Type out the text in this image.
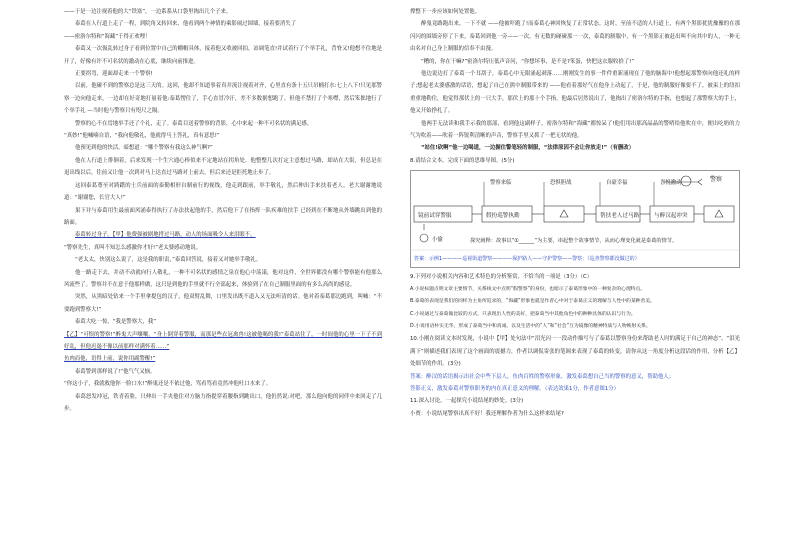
——于是一边注视着他的大“铁塞”，一边系系从口袋里掏出几个子来。

泰葛在人行道上走了一程，到院角又转回来，他看到两个神情的乘影闹过围墙，接着要消失了

——密洛尔特和“海藏”千得正欢哩！

泰葛又一次伋乱转过身子看到位置中自己的棚帽具体，接着他又收被回拍，站调笔直!并试着行了个举手礼，背脊又!他想不住地是开了，好像有许不可名状的激动在心底，继续向前推进。

正要拐弯，迎面却走来一个警察!

以前，他碰不到的警察总是这三天的。这回，他却不知道事着真并流注视着对齐，心里直有条十五只吊桶打水:七上八下!只见那警察一边向他走来，一边却在好奇地打量着他:泰葛愣住了，手心直冒冷汗，差不多数据想跑了。但他不禁打了个寒噤，然后笨拙地行了个举手礼 —当时他与警察只有咫尺之隔。

警察的心不在焉地举手还了个礼，走了。泰葛目送着警察的背影，心中来起一种不可名状的满足感。

“真妙!”他喊喃自语，“我向他敬礼，他就得马上答礼，真有意思!”

他预见到他的快活，暗想道：“哪个警察有我这么神气啊?”

他在人行道上徘徊着，后来发现一个生穴通心棒似来不定地站在拐角处。他整整几次打定主意想过马路，却站在大街，但总是在退出线以后，往前又让他一次到对马上达直过马路对上前去，但后来还是拒托地止步了。

这回泰葛尊至对踌躇的士兵前面的泰勤相形自制前行的视线，他走到跟前，举手敬礼，然后伸出手来扶着老人，老大谢谢地说道：“谢谢您，长官大人!”

果下并与泰葛用生最前面风涌泰得执行了办法扶起他的手，然后他下了在指挥一队疾难的扶手 已经到在不断地从外墙跳出到他的路面。

泰葛转过身子。【甲】他费强被剧地捋过马路，动人的场面吸令人来泪眼不。

“警察先生，真叫不知怎么感激你才好!”老太婆感动地说。

“老太太，快别这么说了，这是我的职责，”泰葛回答说，接着又对她举手敬礼。

他一路走下去，并动不动就向行人敬礼，一种不可名状的感情之泉在他心中荡漾，他对这件，全世界都没有哪个警察能有他那么风流些了。警察并不在意于他那样做，这只是到他的手里就不行全部起来，体验到了在自己制服里面的有多么高尚的感觉。

突然，从黑暗处钻来一个手里拿提包的汉子，他双臂乱舞，口里发出既不道入又无法听清的话。他对着泰葛那边跑到，叫喊：“不要跑到警察大!”

泰葛大吃一惊，“我是警察大，我”

【乙】“可恨的警察!”醉鬼大声嚷嚷，“身上倒穿着警服，而那是些衣冠禽兽!这被他喝的我!”泰葛站住了，一时间他的心里一下子不到好乱，但他迟遢不像以前那样对满怀着……”

鱼肉而他，语得上前，说你用副警醒!”

泰葛警到那样说了!”他气气又恼。

“你这小子，我就救他你一脸口水!”醉鬼还是不依过他，骂看骂看竟然冲他吐口水来了。

泰葛怒发冲冠，铁青着脸，只伸出一手夹他住对方脑力指提穿着腰指到跳出口，他仍然说:对吧，那么他向他的同伴中来回走了几步。

撑整下一步应该如何处置他。

醉鬼竟路跑出来，一下不就 ——他被吓跑了!而泰葛心神回恢复了正常状态。这时，至前不适的人行道上，有两个黑影犹犹豫豫的在那闪闪的围墙旁停了下来，泰葛回到他一旁——一次，有无数的碰碰那一一次，泰葛的制服中，有一个黑影正被赶出叫不向其中的人，一种无由名对自己身上制服的信奉不由漫。

“糟的，你在干嘛?”密洛尔特压低声音问，“你想坏事，是不是?笨蛋，快把这衣服收拾了!”

他边说边打了泰葛一个耳刮子，泰葛心中无限涌起剥落……刚刚发生的事一件件重新涌现在了他的脑海中!他想起那警察向他还礼的样子;想起老太婆感激的话语，想起了自己在熊中制服带来的 ——他看着那好气在他身上动起了，于是，他的制服好像要不了，被束上的纽扣重重地勒住，他觉得那伏上的一只大手，那伏上的那十个手指，他最后居然说出了，他掏出了密洛尔特的手指，也想起了那警察大的手上，他又开始挣扎了。

他两手无法读和我手示我的那部，看到他这副样子，密洛尔特和“海藏”都惊呆了!他们用出那高晶晶的警哨给他吹在中，便出吃奶的力气为吹着——吹着一阵锐利清晰的声音，警察手里又抓了一把无状的他。

“站住!砍啊”他一边喝道，一边握住警笔轻的制服，“法律原因不会让你放走!”（有删改）

8.请结合文本，完成下面的思维导图。(5分)

警察
警察来临	恐惧胆战	自豪幸福	喜悦激动
镜前试穿警服	假扮巡警执勤	帮扶老人过马路	与醉汉起冲突
小偷	探究阐释：故事以“①______”为主要，串起整个故事情节，从而心理变化就是泰葛的情节。
答案：示例1————巡视街道警察————保护路人——守护警察——警察：（巡查警察都没做过的）

9.下列对小说相关内容和艺术特色的分析鉴赏，不恰当的一项是（3分）（C）

A.小说标题点明文章主要情节，关系线文中点明“假警察”的身份，也暗示了泰葛形象中的一种复杂的心理特点。

B.泰葛的表现是我们的同样为主角所追求的，“海藏”形象也就是作者心中对于泰葛正义的理解与人性中的某种善美。

C.小说通过与泰葛做比较的方式，只表现出人性的美好，把泰葛当中其他角色中的种种具体的认识与行为。

D.小说用语朴实无华，形成了泰葛当中和真诚，以及生活中的“人”和“社会”互为镜像的精神特质与人物映射关系。

10.小刚在阅读文本时发现，小说中【甲】处句法中“泪光闪一一段动作描写与了泰葛以警察身份来帮助老人时的满足于自己的神态”、“泪光满下”则描述我们表现了这个画面的震撼力，作者以调侃寄张的笔调来表现了泰葛的转变，请你从这一角度分析这段话的作用，分析【乙】处细节的作用。(3分)

答案：醉汉的话语揭示出社会中些下层人，鱼肉百姓的警察形象，激发泰葛想自己当的警察的意义，帮助他人；

答影正义，激发泰葛对警察职务的内在真正意义的理解。（表达效果1分，作者意图1分）

11.深入讨论，一起探究小说结尾的妙处。(3分)

小贾：小说结尾警察出真不好！我还理解作者为什么这样来结尾?
